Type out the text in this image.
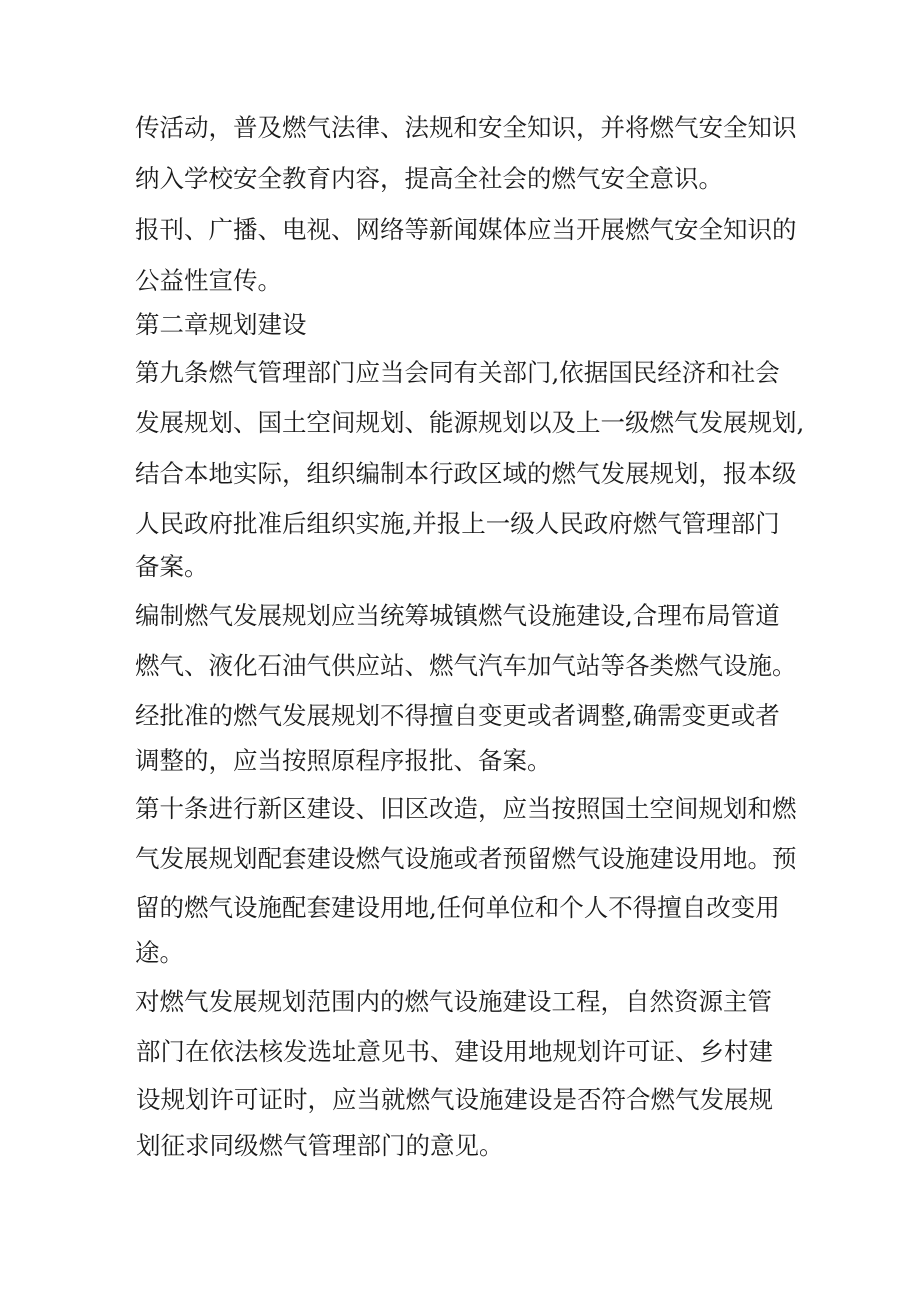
传活动，普及燃气法律、法规和安全知识，并将燃气安全知识
纳入学校安全教育内容，提高全社会的燃气安全意识。
报刊、广播、电视、网络等新闻媒体应当开展燃气安全知识的
公益性宣传。
第二章规划建设
第九条燃气管理部门应当会同有关部门,依据国民经济和社会
发展规划、国土空间规划、能源规划以及上一级燃气发展规划,
结合本地实际，组织编制本行政区域的燃气发展规划，报本级
人民政府批准后组织实施,并报上一级人民政府燃气管理部门
备案。
编制燃气发展规划应当统筹城镇燃气设施建设,合理布局管道
燃气、液化石油气供应站、燃气汽车加气站等各类燃气设施。
经批准的燃气发展规划不得擅自变更或者调整,确需变更或者
调整的，应当按照原程序报批、备案。
第十条进行新区建设、旧区改造，应当按照国土空间规划和燃
气发展规划配套建设燃气设施或者预留燃气设施建设用地。预
留的燃气设施配套建设用地,任何单位和个人不得擅自改变用
途。
对燃气发展规划范围内的燃气设施建设工程，自然资源主管
部门在依法核发选址意见书、建设用地规划许可证、乡村建
设规划许可证时，应当就燃气设施建设是否符合燃气发展规
划征求同级燃气管理部门的意见。
